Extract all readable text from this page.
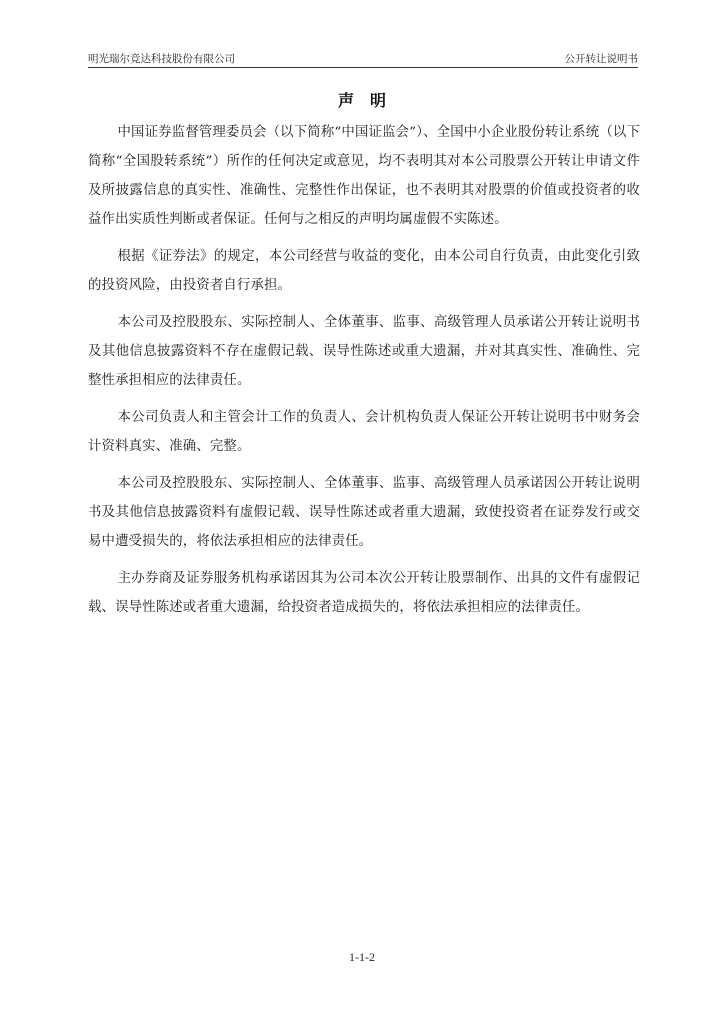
明光瑞尔竞达科技股份有限公司	公开转让说明书
声明

中国证券监督管理委员会（以下简称“中国证监会”）、全国中小企业股份转让系统（以下简称“全国股转系统”）所作的任何决定或意见，均不表明其对本公司股票公开转让申请文件及所披露信息的真实性、准确性、完整性作出保证，也不表明其对股票的价值或投资者的收益作出实质性判断或者保证。任何与之相反的声明均属虚假不实陈述。

根据《证券法》的规定，本公司经营与收益的变化，由本公司自行负责，由此变化引致的投资风险，由投资者自行承担。

本公司及控股股东、实际控制人、全体董事、监事、高级管理人员承诺公开转让说明书及其他信息披露资料不存在虚假记载、误导性陈述或重大遗漏，并对其真实性、准确性、完整性承担相应的法律责任。

本公司负责人和主管会计工作的负责人、会计机构负责人保证公开转让说明书中财务会计资料真实、准确、完整。

本公司及控股股东、实际控制人、全体董事、监事、高级管理人员承诺因公开转让说明书及其他信息披露资料有虚假记载、误导性陈述或者重大遗漏，致使投资者在证券发行或交易中遭受损失的，将依法承担相应的法律责任。

主办券商及证券服务机构承诺因其为公司本次公开转让股票制作、出具的文件有虚假记载、误导性陈述或者重大遗漏，给投资者造成损失的，将依法承担相应的法律责任。

1-1-2
